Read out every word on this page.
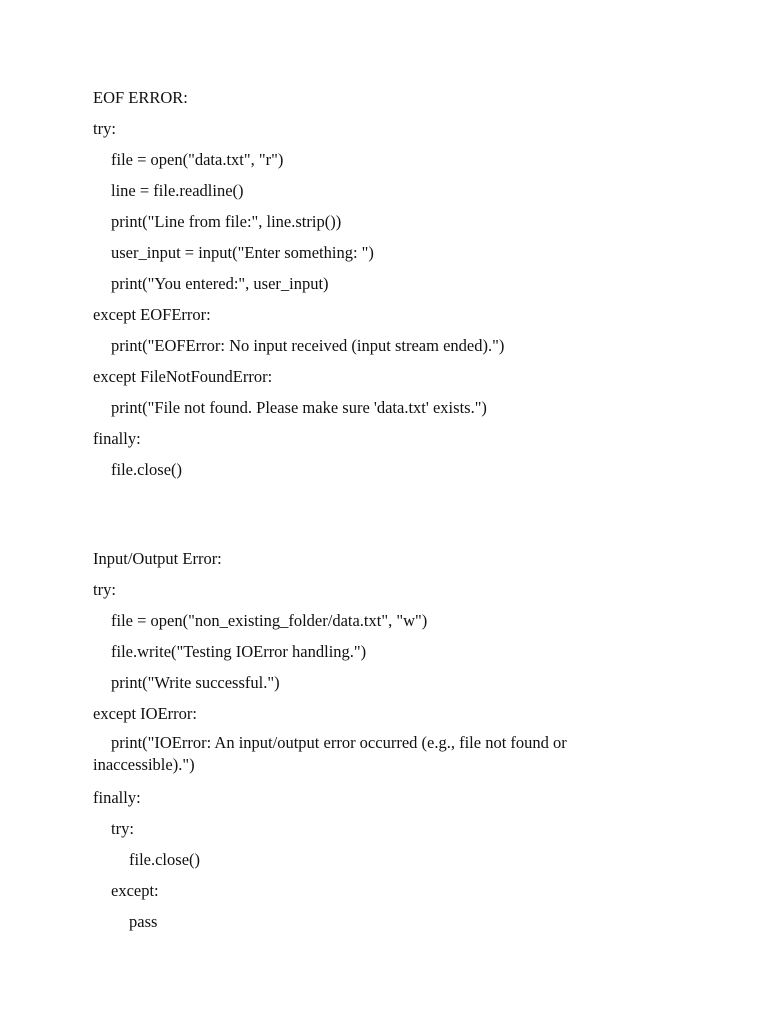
EOF ERROR:
try:
file = open("data.txt", "r")
line = file.readline()
print("Line from file:", line.strip())
user_input = input("Enter something: ")
print("You entered:", user_input)
except EOFError:
print("EOFError: No input received (input stream ended).")
except FileNotFoundError:
print("File not found. Please make sure 'data.txt' exists.")
finally:
file.close()
Input/Output Error:
try:
file = open("non_existing_folder/data.txt", "w")
file.write("Testing IOError handling.")
print("Write successful.")
except IOError:
print("IOError: An input/output error occurred (e.g., file not found or inaccessible).")
finally:
try:
file.close()
except:
pass
